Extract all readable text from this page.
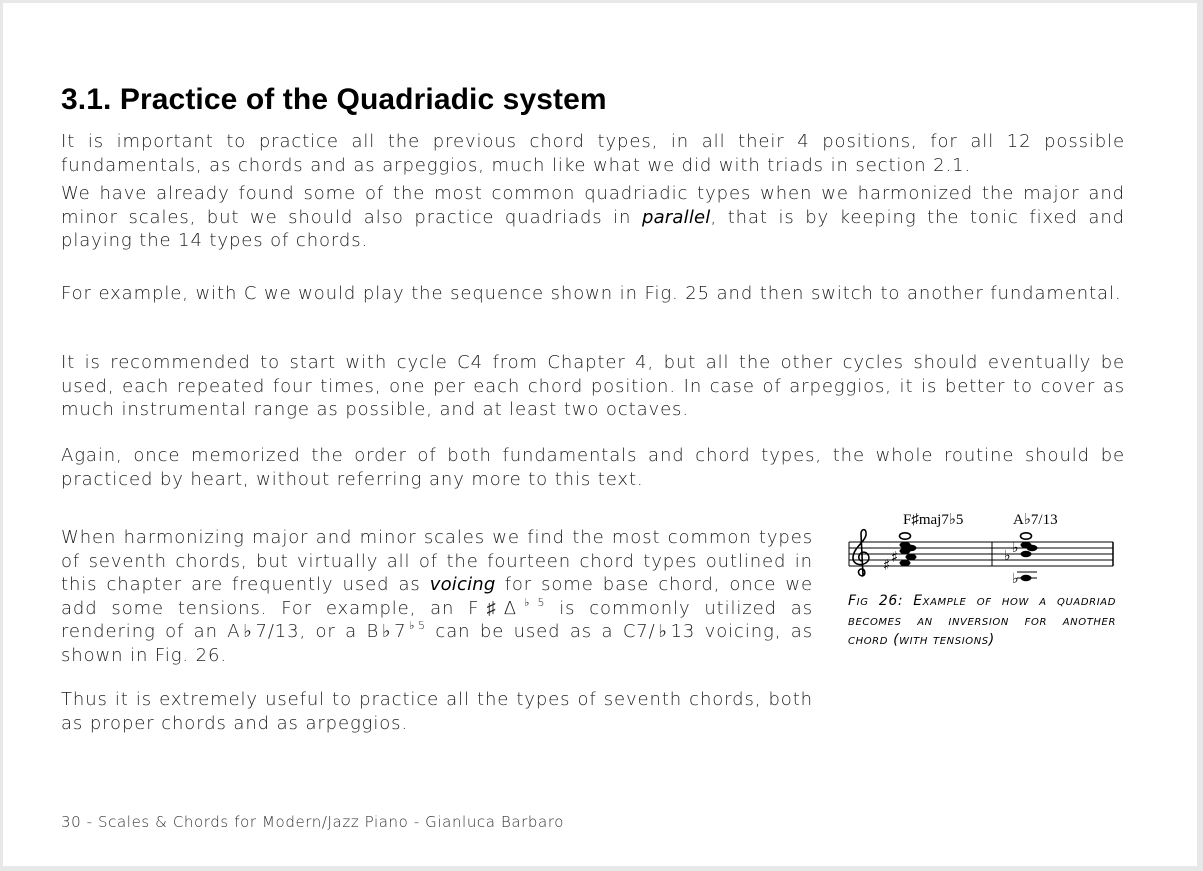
3.1. Practice of the Quadriadic system

It is important to practice all the previous chord types, in all their 4 positions, for all 12 possible fundamentals, as chords and as arpeggios, much like what we did with triads in section 2.1.

We have already found some of the most common quadriadic types when we harmonized the major and minor scales, but we should also practice quadriads in parallel, that is by keeping the tonic fixed and playing the 14 types of chords.

For example, with C we would play the sequence shown in Fig. 25 and then switch to another fundamental.

It is recommended to start with cycle C4 from Chapter 4, but all the other cycles should eventually be used, each repeated four times, one per each chord position. In case of arpeggios, it is better to cover as much instrumental range as possible, and at least two octaves.

Again, once memorized the order of both fundamentals and chord types, the whole routine should be practiced by heart, without referring any more to this text.

When harmonizing major and minor scales we find the most common types of seventh chords, but virtually all of the fourteen chord types outlined in this chapter are frequently used as voicing for some base chord, once we add some tensions. For example, an $F♯\Delta^{♭5}$ is commonly utilized as rendering of an A♭7/13, or a $B♭7^{♭5}$ can be used as a C7/♭13 voicing, as shown in Fig. 26.

Thus it is extremely useful to practice all the types of seventh chords, both as proper chords and as arpeggios.

F♯maj7♭5	A♭7/13
♯ ♯	♭ ♭
♭
Fig 26: Example of how a quadriad becomes an inversion for another chord (with tensions)
30 - Scales & Chords for Modern/Jazz Piano - Gianluca Barbaro
